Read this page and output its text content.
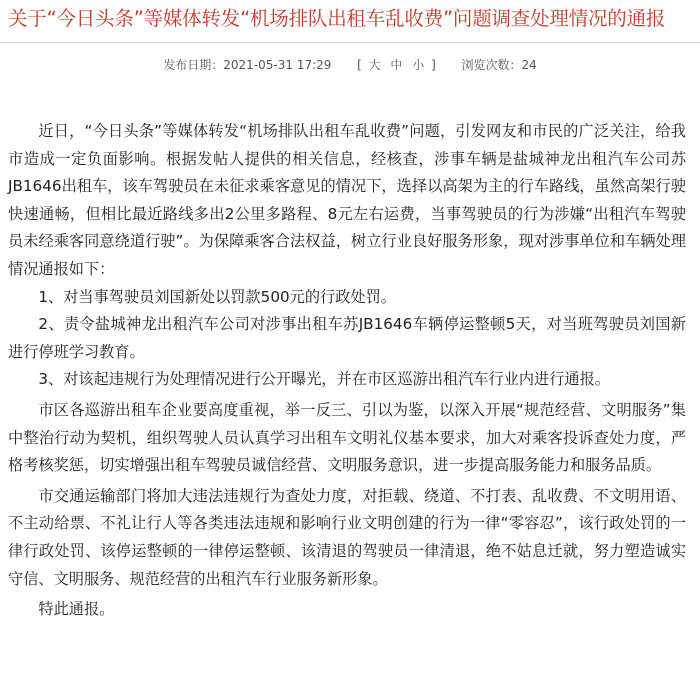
关于“今日头条”等媒体转发“机场排队出租车乱收费”问题调查处理情况的通报
发布日期：2021-05-31 17:29 [ 大 中 小 ] 浏览次数：24

近日，“今日头条”等媒体转发“机场排队出租车乱收费”问题，引发网友和市民的广泛关注，给我市造成一定负面影响。根据发帖人提供的相关信息，经核查，涉事车辆是盐城神龙出租汽车公司苏JB1646出租车，该车驾驶员在未征求乘客意见的情况下，选择以高架为主的行车路线，虽然高架行驶快速通畅，但相比最近路线多出2公里多路程、8元左右运费，当事驾驶员的行为涉嫌“出租汽车驾驶员未经乘客同意绕道行驶”。为保障乘客合法权益，树立行业良好服务形象，现对涉事单位和车辆处理情况通报如下：

1、对当事驾驶员刘国新处以罚款500元的行政处罚。

2、责令盐城神龙出租汽车公司对涉事出租车苏JB1646车辆停运整顿5天，对当班驾驶员刘国新进行停班学习教育。

3、对该起违规行为处理情况进行公开曝光，并在市区巡游出租汽车行业内进行通报。

市区各巡游出租车企业要高度重视，举一反三、引以为鉴，以深入开展“规范经营、文明服务”集中整治行动为契机，组织驾驶人员认真学习出租车文明礼仪基本要求，加大对乘客投诉查处力度，严格考核奖惩，切实增强出租车驾驶员诚信经营、文明服务意识，进一步提高服务能力和服务品质。

市交通运输部门将加大违法违规行为查处力度，对拒载、绕道、不打表、乱收费、不文明用语、不主动给票、不礼让行人等各类违法违规和影响行业文明创建的行为一律“零容忍”，该行政处罚的一律行政处罚、该停运整顿的一律停运整顿、该清退的驾驶员一律清退，绝不姑息迁就，努力塑造诚实守信、文明服务、规范经营的出租汽车行业服务新形象。

特此通报。
